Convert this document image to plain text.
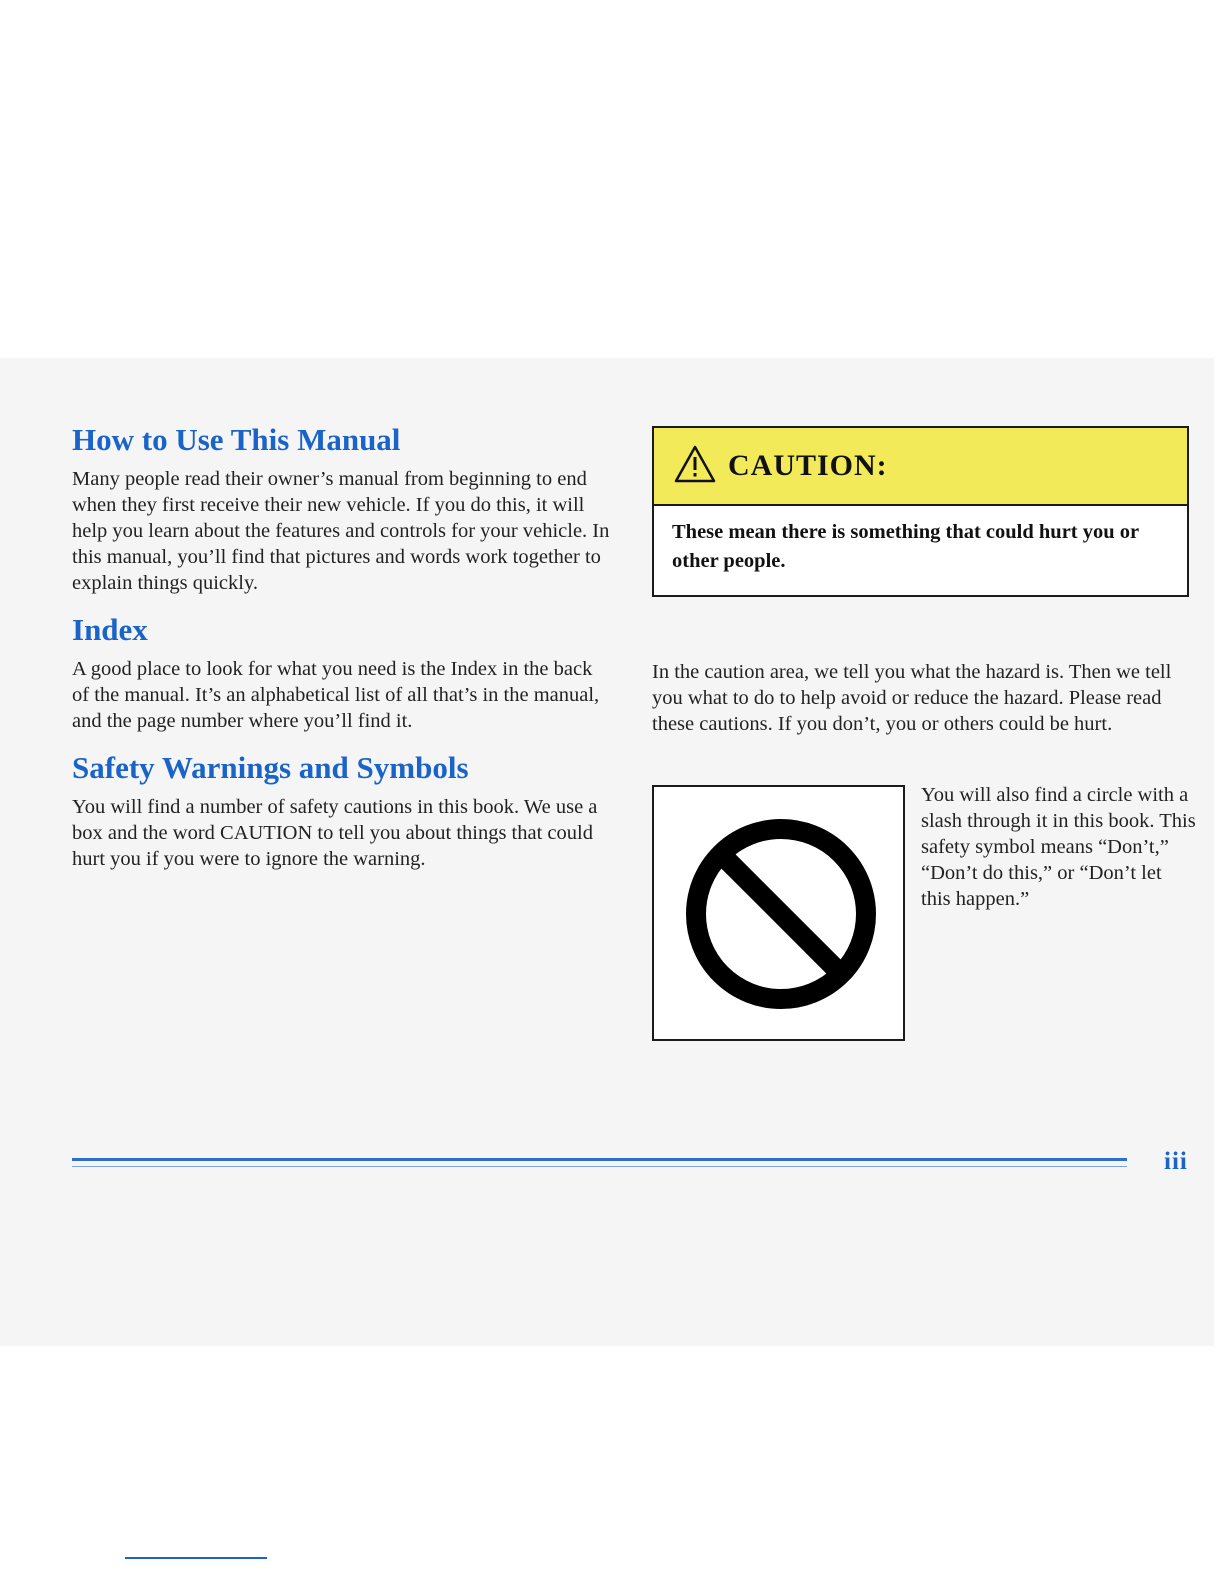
How to Use This Manual

Many people read their owner’s manual from beginning to end when they first receive their new vehicle. If you do this, it will help you learn about the features and controls for your vehicle. In this manual, you’ll find that pictures and words work together to explain things quickly.

Index

A good place to look for what you need is the Index in the back of the manual. It’s an alphabetical list of all that’s in the manual, and the page number where you’ll find it.

Safety Warnings and Symbols

You will find a number of safety cautions in this book. We use a box and the word CAUTION to tell you about things that could hurt you if you were to ignore the warning.

CAUTION:
These mean there is something that could hurt you or other people.

In the caution area, we tell you what the hazard is. Then we tell you what to do to help avoid or reduce the hazard. Please read these cautions. If you don’t, you or others could be hurt.

You will also find a circle with a slash through it in this book. This safety symbol means “Don’t,” “Don’t do this,” or “Don’t let this happen.”

iii
